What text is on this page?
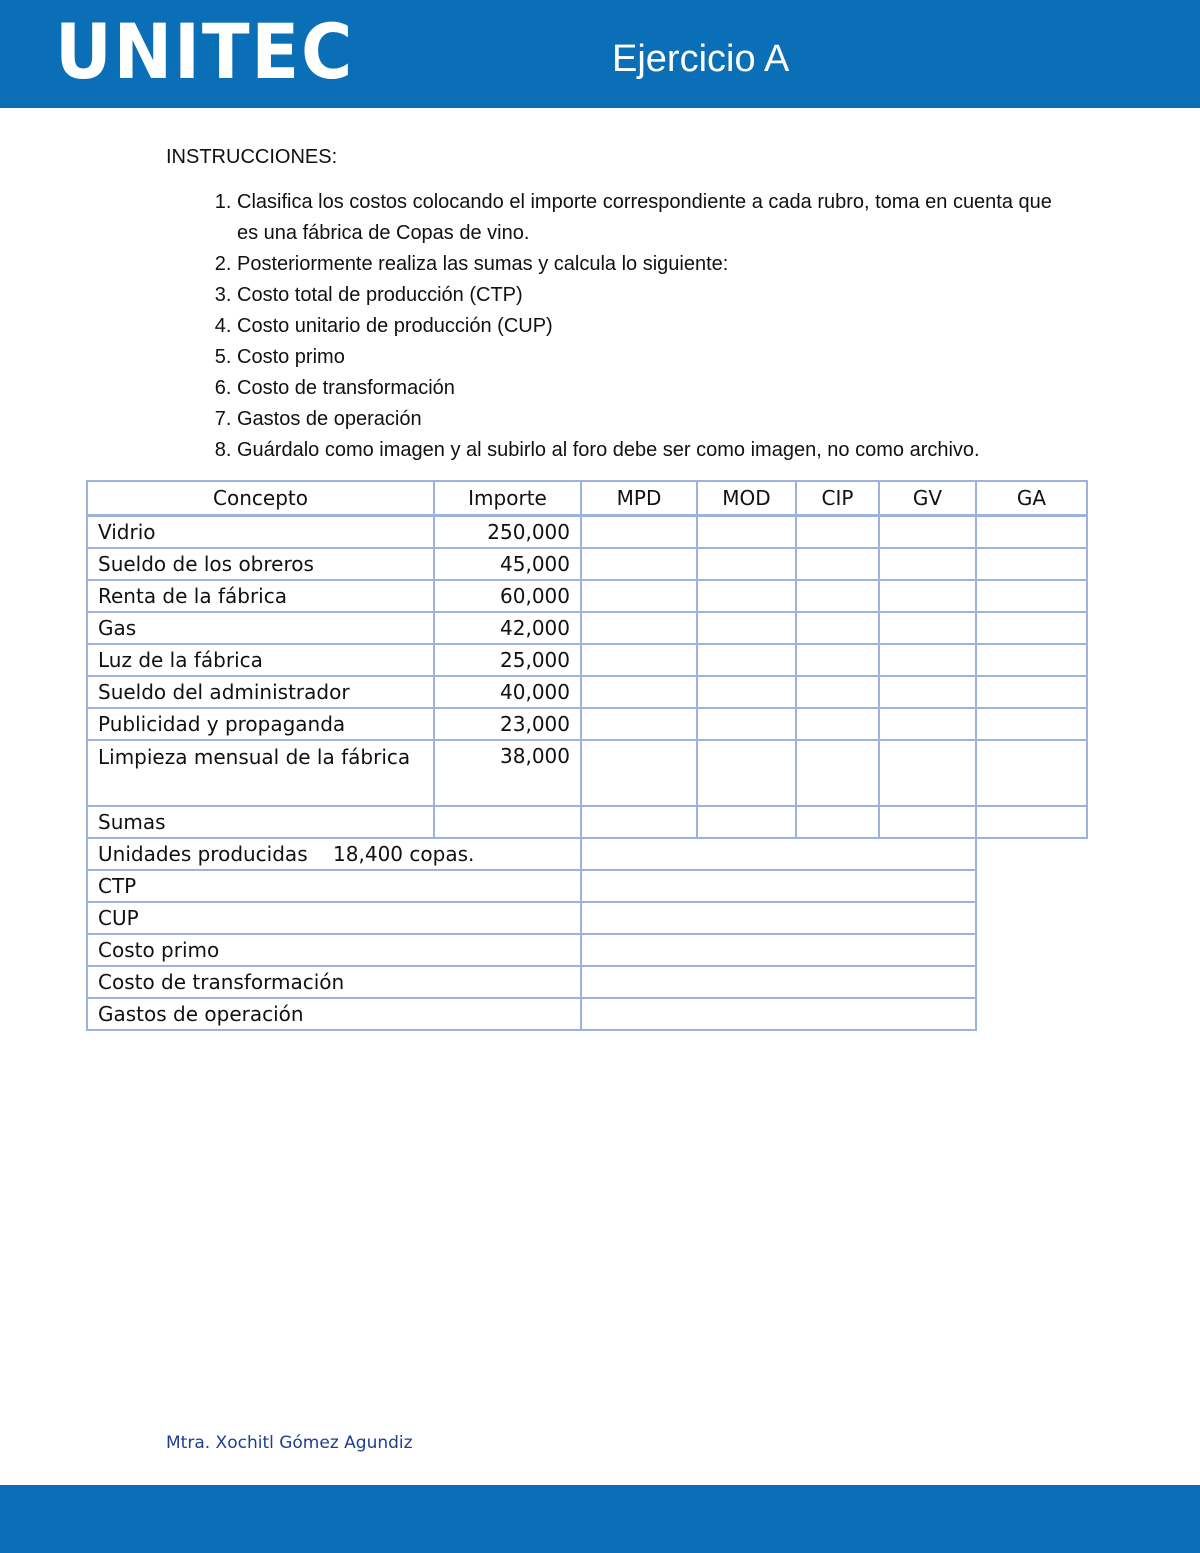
UNITEC	Ejercicio A
INSTRUCCIONES:
1. Clasifica los costos colocando el importe correspondiente a cada rubro, toma en cuenta que es una fábrica de Copas de vino.
2. Posteriormente realiza las sumas y calcula lo siguiente:
3. Costo total de producción (CTP)
4. Costo unitario de producción (CUP)
5. Costo primo
6. Costo de transformación
7. Gastos de operación
8. Guárdalo como imagen y al subirlo al foro debe ser como imagen, no como archivo.
Concepto	Importe	MPD	MOD	CIP	GV	GA
Vidrio	250,000					
Sueldo de los obreros	45,000					
Renta de la fábrica	60,000					
Gas	42,000					
Luz de la fábrica	25,000					
Sueldo del administrador	40,000					
Publicidad y propaganda	23,000					
Limpieza mensual de la fábrica	38,000					
Sumas						
Unidades producidas 18,400 copas.						
CTP						
CUP						
Costo primo						
Costo de transformación						
Gastos de operación						
Mtra. Xochitl Gómez Agundiz
